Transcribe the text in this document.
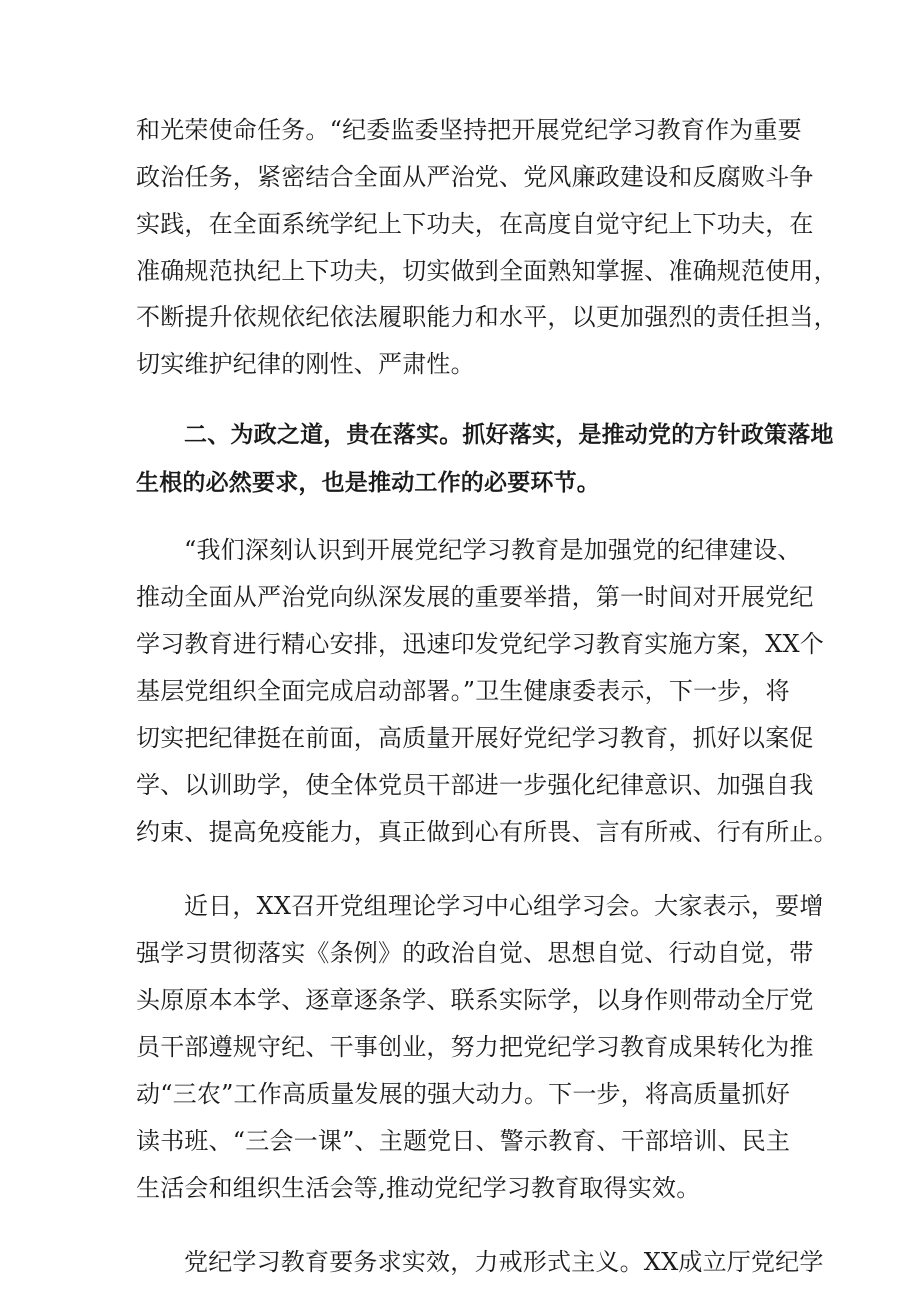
和光荣使命任务。“纪委监委坚持把开展党纪学习教育作为重要
政治任务，紧密结合全面从严治党、党风廉政建设和反腐败斗争
实践，在全面系统学纪上下功夫，在高度自觉守纪上下功夫，在
准确规范执纪上下功夫，切实做到全面熟知掌握、准确规范使用，
不断提升依规依纪依法履职能力和水平，以更加强烈的责任担当，
切实维护纪律的刚性、严肃性。
二、为政之道，贵在落实。抓好落实，是推动党的方针政策落地
生根的必然要求，也是推动工作的必要环节。
“我们深刻认识到开展党纪学习教育是加强党的纪律建设、
推动全面从严治党向纵深发展的重要举措，第一时间对开展党纪
学习教育进行精心安排，迅速印发党纪学习教育实施方案，XX个
基层党组织全面完成启动部署。”卫生健康委表示，下一步，将
切实把纪律挺在前面，高质量开展好党纪学习教育，抓好以案促
学、以训助学，使全体党员干部进一步强化纪律意识、加强自我
约束、提高免疫能力，真正做到心有所畏、言有所戒、行有所止。
近日，XX召开党组理论学习中心组学习会。大家表示，要增
强学习贯彻落实《条例》的政治自觉、思想自觉、行动自觉，带
头原原本本学、逐章逐条学、联系实际学，以身作则带动全厅党
员干部遵规守纪、干事创业，努力把党纪学习教育成果转化为推
动“三农”工作高质量发展的强大动力。下一步，将高质量抓好
读书班、“三会一课”、主题党日、警示教育、干部培训、民主
生活会和组织生活会等,推动党纪学习教育取得实效。
党纪学习教育要务求实效，力戒形式主义。XX成立厅党纪学
